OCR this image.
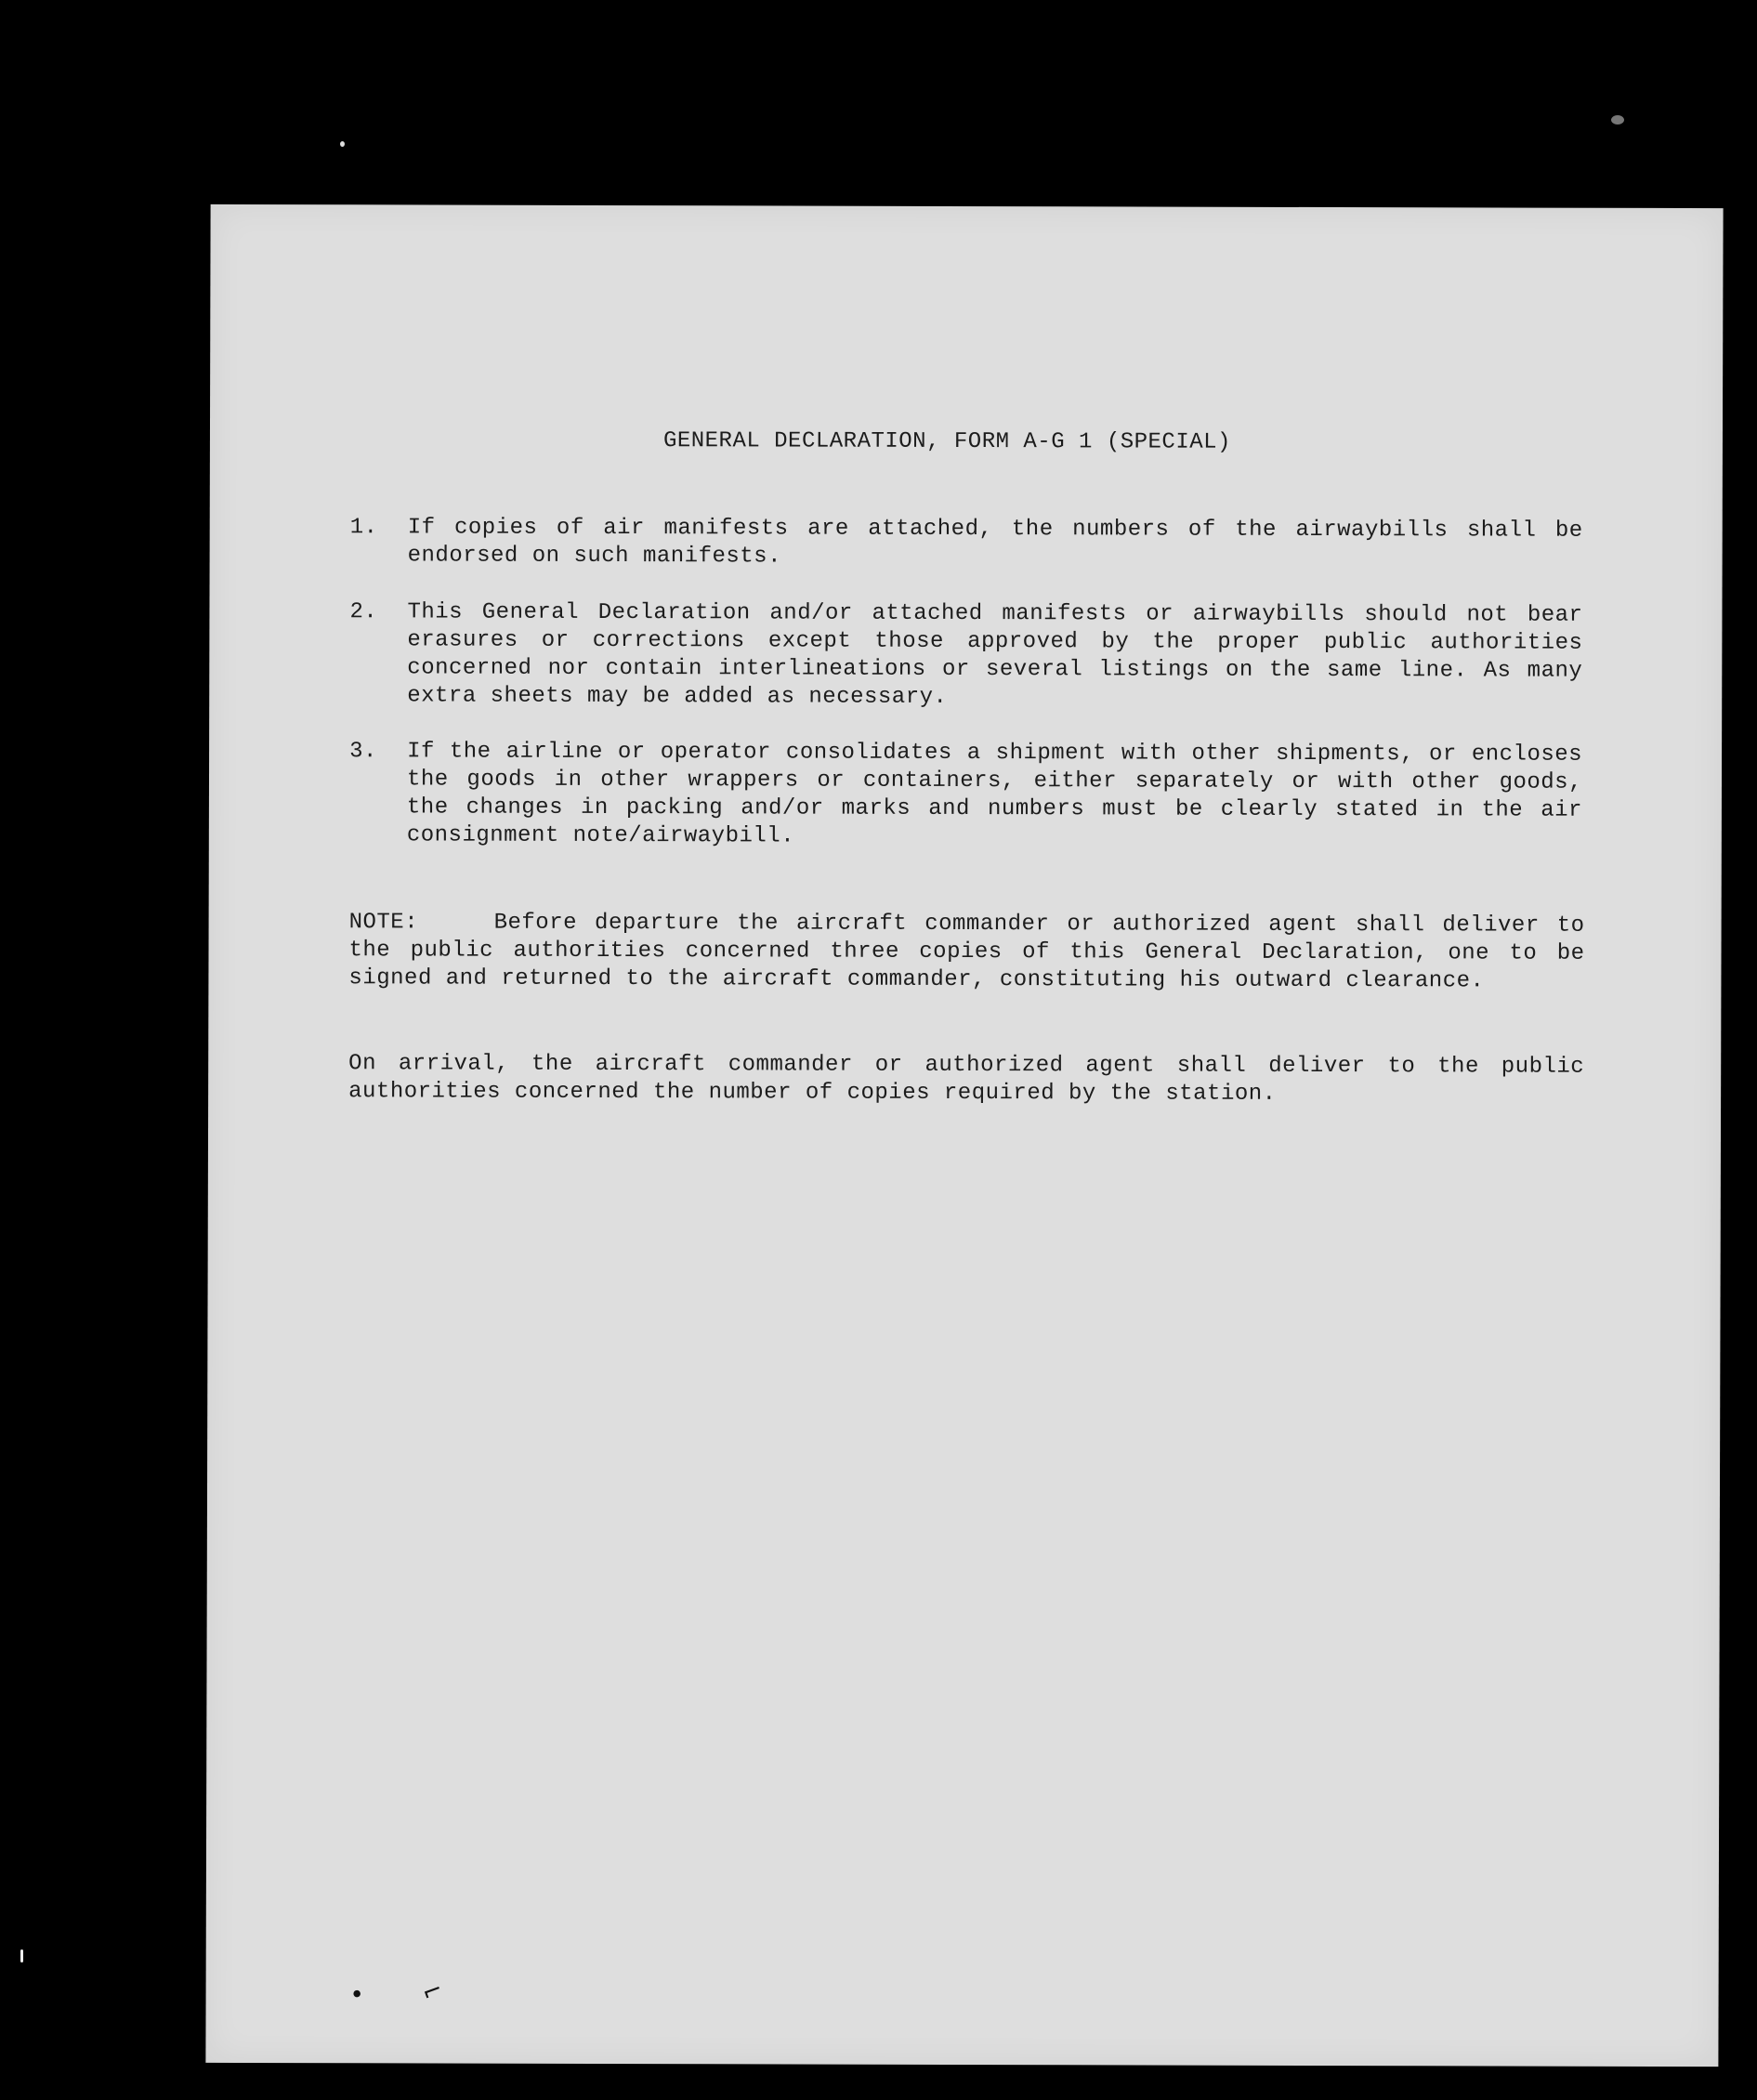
GENERAL DECLARATION, FORM A-G 1 (SPECIAL)
1.	If copies of air manifests are attached, the numbers of the airwaybills shall be endorsed on such manifests.
2.	This General Declaration and/or attached manifests or airwaybills should not bear erasures or corrections except those approved by the proper public authorities concerned nor contain interlineations or several listings on the same line. As many extra sheets may be added as necessary.
3.	If the airline or operator consolidates a shipment with other shipments, or encloses the goods in other wrappers or containers, either separately or with other goods, the changes in packing and/or marks and numbers must be clearly stated in the air consignment note/airwaybill.
NOTE:	Before departure the aircraft commander or authorized agent shall deliver to the public authorities concerned three copies of this General Declaration, one to be signed and returned to the aircraft commander, constituting his outward clearance.
On arrival, the aircraft commander or authorized agent shall deliver to the public authorities concerned the number of copies required by the station.
• ⌐
